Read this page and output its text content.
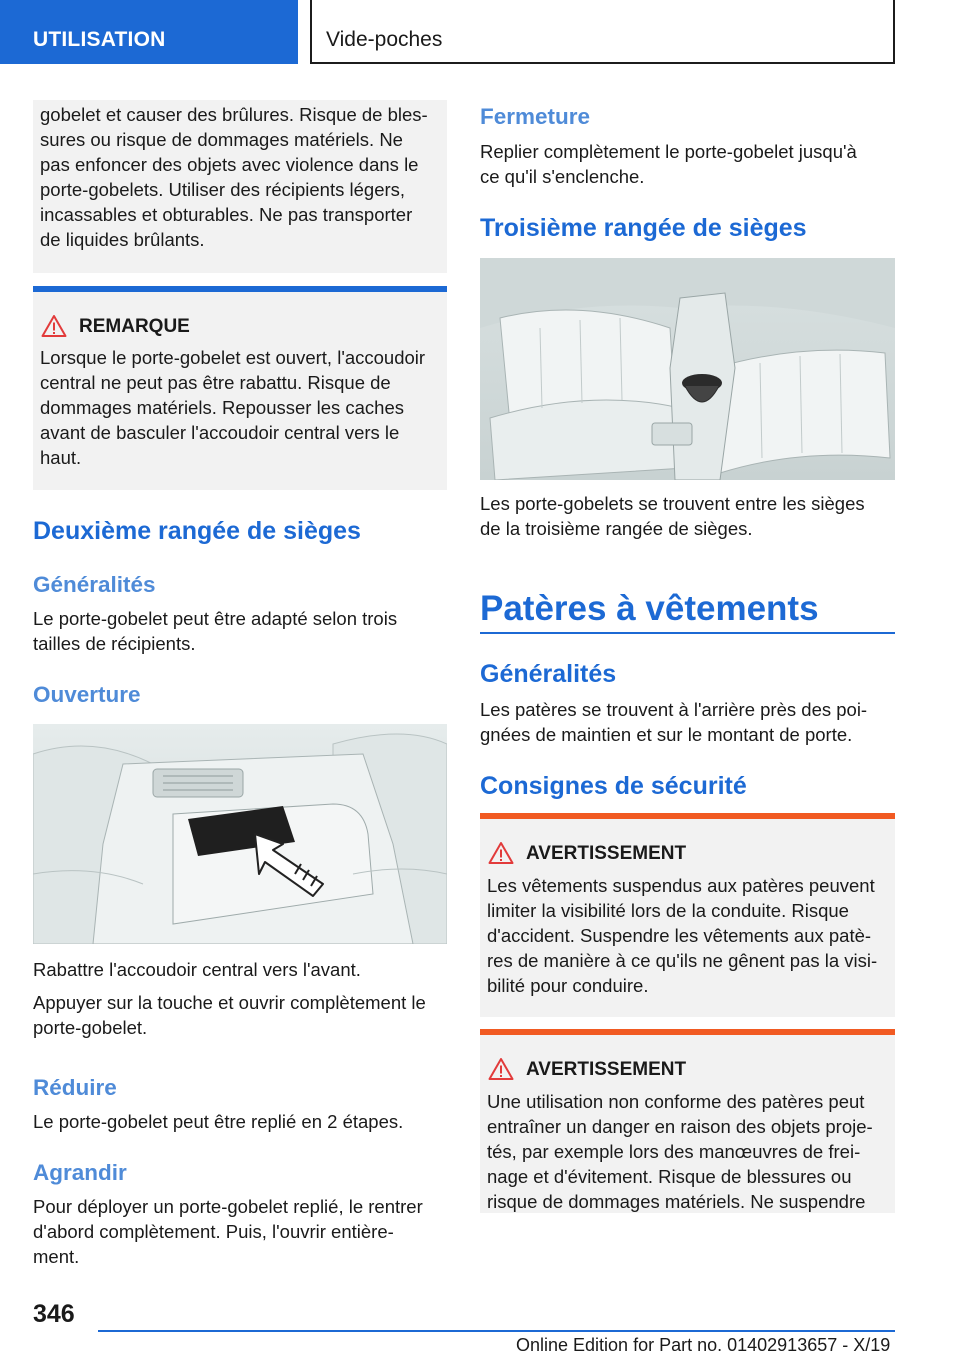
UTILISATION	Vide-poches
gobelet et causer des brûlures. Risque de bles-
sures ou risque de dommages matériels. Ne
pas enfoncer des objets avec violence dans le
porte-gobelets. Utiliser des récipients légers,
incassables et obturables. Ne pas transporter
de liquides brûlants.
REMARQUE
Lorsque le porte-gobelet est ouvert, l'accoudoir
central ne peut pas être rabattu. Risque de
dommages matériels. Repousser les caches
avant de basculer l'accoudoir central vers le
haut.
Deuxième rangée de sièges
Généralités
Le porte-gobelet peut être adapté selon trois
tailles de récipients.
Ouverture
Rabattre l'accoudoir central vers l'avant.
Appuyer sur la touche et ouvrir complètement le
porte-gobelet.
Réduire
Le porte-gobelet peut être replié en 2 étapes.
Agrandir
Pour déployer un porte-gobelet replié, le rentrer
d'abord complètement. Puis, l'ouvrir entière-
ment.
Fermeture
Replier complètement le porte-gobelet jusqu'à
ce qu'il s'enclenche.
Troisième rangée de sièges
Les porte-gobelets se trouvent entre les sièges
de la troisième rangée de sièges.
Patères à vêtements
Généralités
Les patères se trouvent à l'arrière près des poi-
gnées de maintien et sur le montant de porte.
Consignes de sécurité
AVERTISSEMENT
Les vêtements suspendus aux patères peuvent
limiter la visibilité lors de la conduite. Risque
d'accident. Suspendre les vêtements aux patè-
res de manière à ce qu'ils ne gênent pas la visi-
bilité pour conduire.
AVERTISSEMENT
Une utilisation non conforme des patères peut
entraîner un danger en raison des objets proje-
tés, par exemple lors des manœuvres de frei-
nage et d'évitement. Risque de blessures ou
risque de dommages matériels. Ne suspendre
346
Online Edition for Part no. 01402913657 - X/19
